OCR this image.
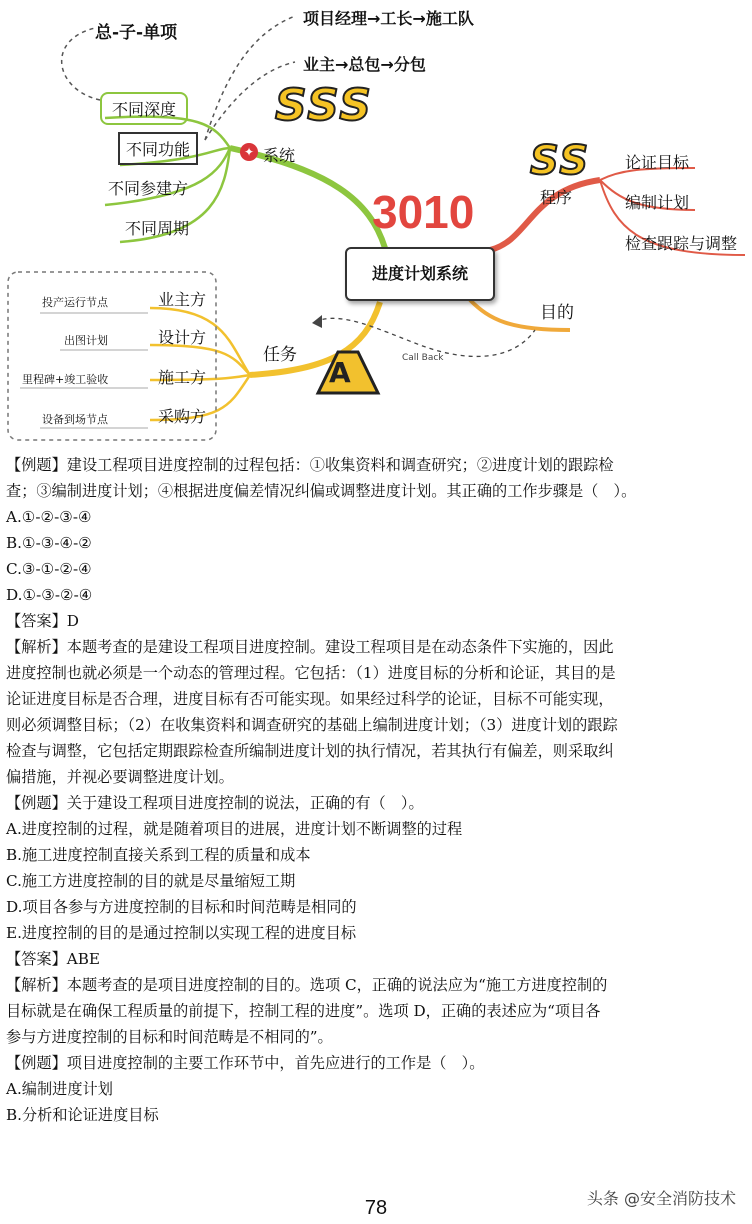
总-子-单项
项目经理→工长→施工队
业主→总包→分包
SSS
不同深度
不同功能
不同参建方
不同周期
✦ 系统
3010
SS
程序
论证目标
编制计划
检查跟踪与调整
进度计划系统
目的
Call Back
任务
A
业主方
设计方
施工方
采购方
投产运行节点
出图计划
里程碑+竣工验收
设备到场节点

【例题】建设工程项目进度控制的过程包括：①收集资料和调查研究；②进度计划的跟踪检

查；③编制进度计划；④根据进度偏差情况纠偏或调整进度计划。其正确的工作步骤是（　）。

A.①-②-③-④

B.①-③-④-②

C.③-①-②-④

D.①-③-②-④

【答案】D

【解析】本题考查的是建设工程项目进度控制。建设工程项目是在动态条件下实施的，因此

进度控制也就必须是一个动态的管理过程。它包括：（1）进度目标的分析和论证，其目的是

论证进度目标是否合理，进度目标有否可能实现。如果经过科学的论证，目标不可能实现，

则必须调整目标；（2）在收集资料和调查研究的基础上编制进度计划；（3）进度计划的跟踪

检查与调整，它包括定期跟踪检查所编制进度计划的执行情况，若其执行有偏差，则采取纠

偏措施，并视必要调整进度计划。

【例题】关于建设工程项目进度控制的说法，正确的有（　）。

A.进度控制的过程，就是随着项目的进展，进度计划不断调整的过程

B.施工进度控制直接关系到工程的质量和成本

C.施工方进度控制的目的就是尽量缩短工期

D.项目各参与方进度控制的目标和时间范畴是相同的

E.进度控制的目的是通过控制以实现工程的进度目标

【答案】ABE

【解析】本题考查的是项目进度控制的目的。选项 C，正确的说法应为“施工方进度控制的

目标就是在确保工程质量的前提下，控制工程的进度”。选项 D，正确的表述应为“项目各

参与方进度控制的目标和时间范畴是不相同的”。

【例题】项目进度控制的主要工作环节中，首先应进行的工作是（　）。

A.编制进度计划

B.分析和论证进度目标

78	头条 @安全消防技术
